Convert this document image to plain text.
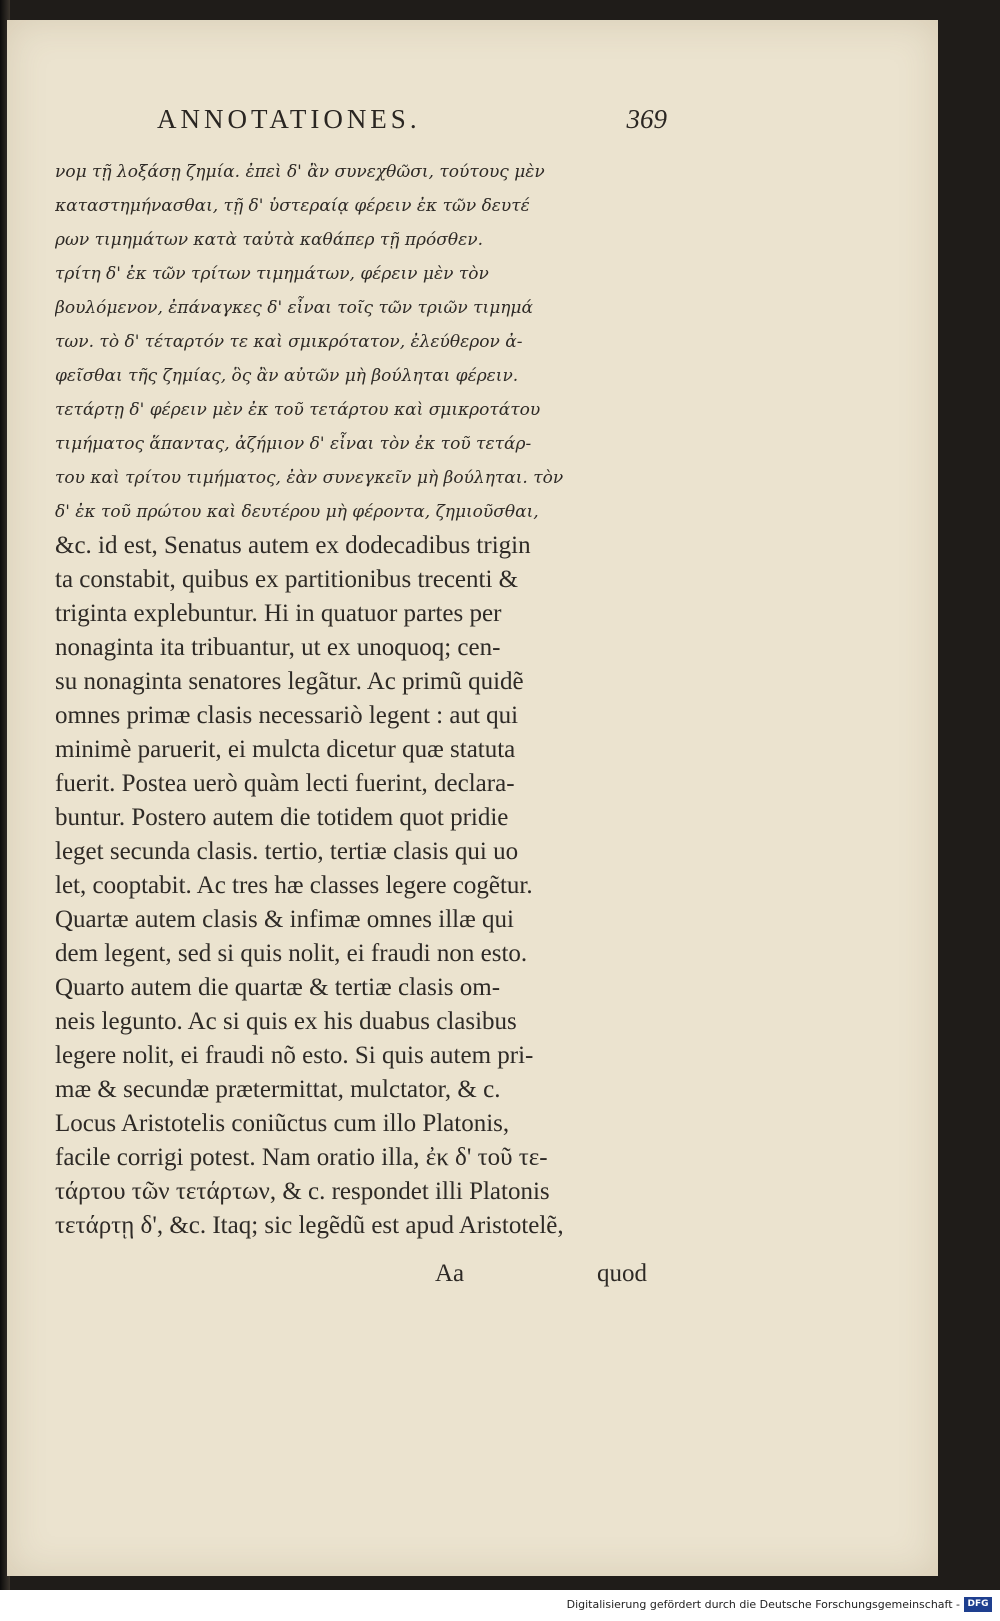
ANNOTATIONES.	369
νομ τῇ λοξάσῃ ζημία. ἐπεὶ δ' ἂν συνεχθῶσι, τούτους μὲν
καταστημήνασθαι, τῇ δ' ὑστεραίᾳ φέρειν ἐκ τῶν δευτέ
ρων τιμημάτων κατὰ ταὐτὰ καθάπερ τῇ πρόσθεν.
τρίτη δ' ἐκ τῶν τρίτων τιμημάτων, φέρειν μὲν τὸν
βουλόμενον, ἐπάναγκες δ' εἶναι τοῖς τῶν τριῶν τιμημά
των. τὸ δ' τέταρτόν τε καὶ σμικρότατον, ἐλεύθερον ἀ-
φεῖσθαι τῆς ζημίας, ὃς ἂν αὐτῶν μὴ βούληται φέρειν.
τετάρτῃ δ' φέρειν μὲν ἐκ τοῦ τετάρτου καὶ σμικροτάτου
τιμήματος ἅπαντας, ἀζήμιον δ' εἶναι τὸν ἐκ τοῦ τετάρ-
του καὶ τρίτου τιμήματος, ἐὰν συνεγκεῖν μὴ βούληται. τὸν
δ' ἐκ τοῦ πρώτου καὶ δευτέρου μὴ φέροντα, ζημιοῦσθαι,
&c. id est, Senatus autem ex dodecadibus trigin
ta constabit, quibus ex partitionibus trecenti &
triginta explebuntur. Hi in quatuor partes per
nonaginta ita tribuantur, ut ex unoquoq; cen-
su nonaginta senatores legãtur. Ac primũ quidẽ
omnes primæ clasis necessariò legent : aut qui
minimè paruerit, ei mulcta dicetur quæ statuta
fuerit. Postea uerò quàm lecti fuerint, declara-
buntur. Postero autem die totidem quot pridie
leget secunda clasis. tertio, tertiæ clasis qui uo
let, cooptabit. Ac tres hæ classes legere cogẽtur.
Quartæ autem clasis & infimæ omnes illæ qui
dem legent, sed si quis nolit, ei fraudi non esto.
Quarto autem die quartæ & tertiæ clasis om-
neis legunto. Ac si quis ex his duabus clasibus
legere nolit, ei fraudi nõ esto. Si quis autem pri-
mæ & secundæ prætermittat, mulctator, & c.
Locus Aristotelis coniũctus cum illo Platonis,
facile corrigi potest. Nam oratio illa, ἐκ δ' τοῦ τε-
τάρτου τῶν τετάρτων, & c. respondet illi Platonis
τετάρτῃ δ', &c. Itaq; sic legẽdũ est apud Aristotelẽ,
Aa	quod
Digitalisierung gefördert durch die Deutsche Forschungsgemeinschaft - DFG
